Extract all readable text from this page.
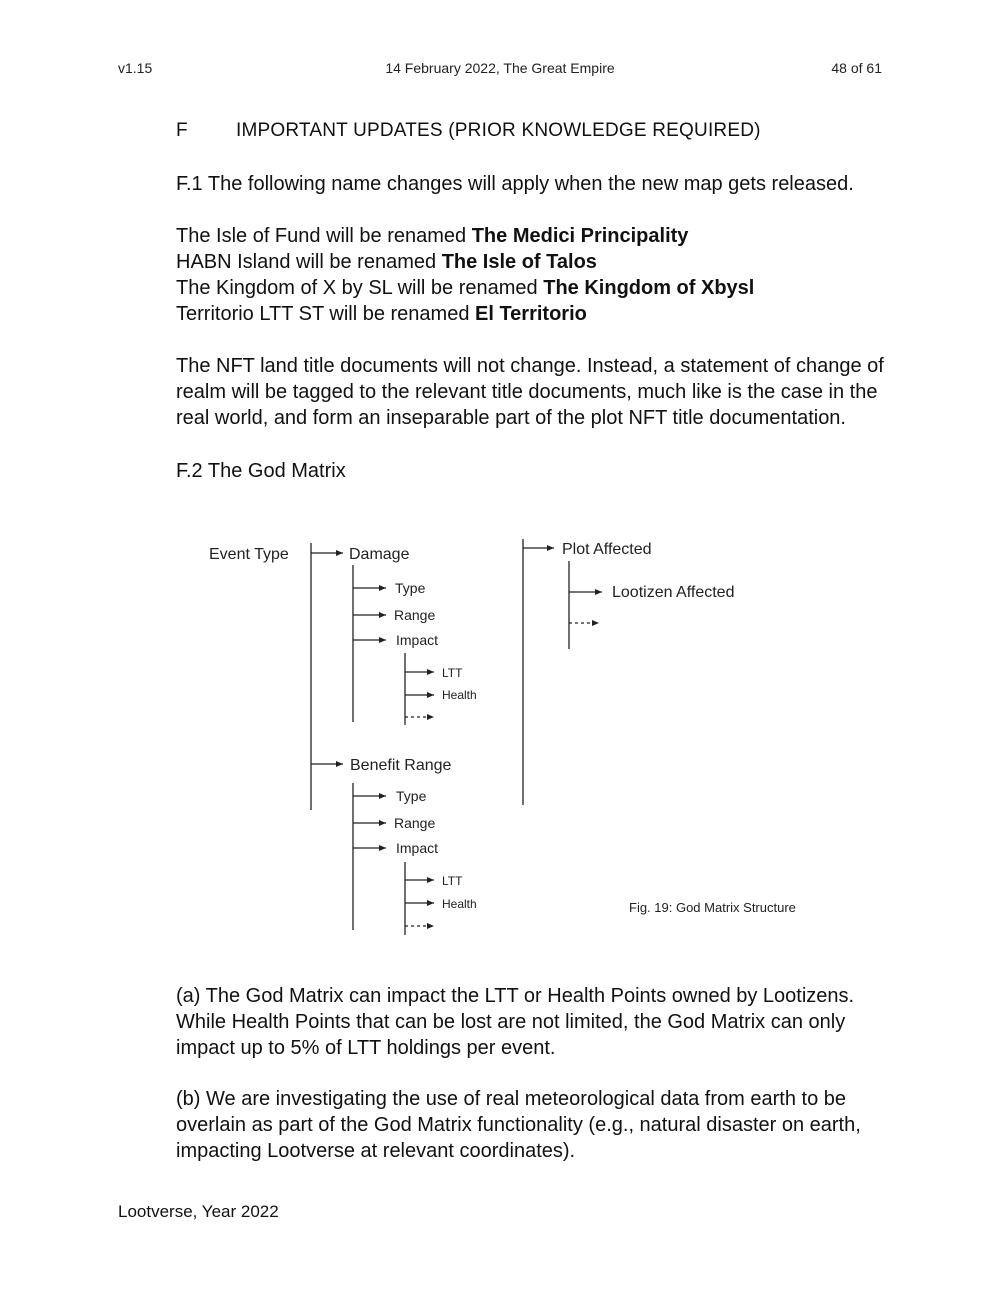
v1.15	14 February 2022, The Great Empire	48 of 61
F	IMPORTANT UPDATES (PRIOR KNOWLEDGE REQUIRED)

F.1 The following name changes will apply when the new map gets released.

The Isle of Fund will be renamed The Medici Principality

HABN Island will be renamed The Isle of Talos

The Kingdom of X by SL will be renamed The Kingdom of Xbysl

Territorio LTT ST will be renamed El Territorio

The NFT land title documents will not change. Instead, a statement of change of realm will be tagged to the relevant title documents, much like is the case in the real world, and form an inseparable part of the plot NFT title documentation.

F.2 The God Matrix

Event Type	Damage
Type
Range
Impact
LTT
Health
Benefit Range
Type
Range
Impact
LTT
Health
Plot Affected
Lootizen Affected
Fig. 19: God Matrix Structure

(a) The God Matrix can impact the LTT or Health Points owned by Lootizens. While Health Points that can be lost are not limited, the God Matrix can only impact up to 5% of LTT holdings per event.

(b) We are investigating the use of real meteorological data from earth to be overlain as part of the God Matrix functionality (e.g., natural disaster on earth, impacting Lootverse at relevant coordinates).

Lootverse, Year 2022
